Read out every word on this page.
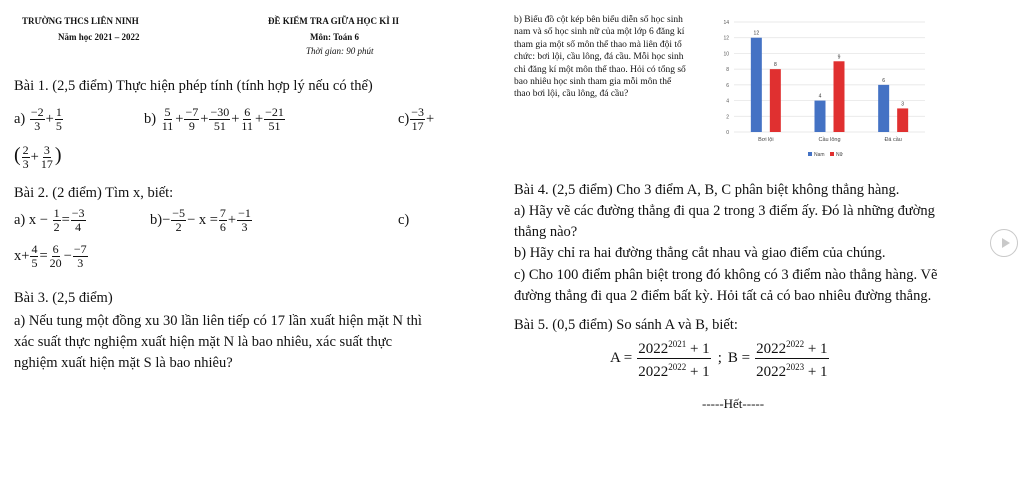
TRƯỜNG THCS LIÊN NINH
Năm học 2021 – 2022
ĐỀ KIỂM TRA GIỮA HỌC KÌ II
Môn: Toán 6
Thời gian: 90 phút
Bài 1. (2,5 điểm) Thực hiện phép tính (tính hợp lý nếu có thể)
$a) \frac{-2}{3} + \frac{1}{5}$	$b) \frac{5}{11} + \frac{-7}{9} + \frac{-30}{51} + \frac{6}{11} + \frac{-21}{51}$	$c) \frac{-3}{17}$ +
( $\frac{2}{3} + \frac{3}{17}$ )
Bài 2. (2 điểm) Tìm x, biết:
a) $x - \frac{1}{2} = \frac{-3}{4}$	$b)- \frac{-5}{2} - x = \frac{7}{6} + \frac{-1}{3}$	c)
$x+ \frac{4}{5} = \frac{6}{20} - \frac{-7}{3}$
Bài 3. (2,5 điểm)
a) Nếu tung một đồng xu 30 lần liên tiếp có 17 lần xuất hiện mặt N thì
xác suất thực nghiệm xuất hiện mặt N là bao nhiêu, xác suất thực
nghiệm xuất hiện mặt S là bao nhiêu?
b) Biểu đồ cột kép bên biểu diễn số học sinh
nam và số học sinh nữ của một lớp 6 đăng kí
tham gia một số môn thể thao mà liên đội tổ
chức: bơi lội, cầu lông, đá cầu. Mỗi học sinh
chỉ đăng kí một môn thể thao. Hỏi có tổng số
bao nhiêu học sinh tham gia mỗi môn thể
thao bơi lội, cầu lông, đá cầu?
0
2
4
6
8
10
12
14
12
8
Bơi lội
4
9
Cầu lông
6
3
Đá cầu
Nam Nữ
Bài 4. (2,5 điểm) Cho 3 điểm A, B, C phân biệt không thẳng hàng.
a) Hãy vẽ các đường thẳng đi qua 2 trong 3 điểm ấy. Đó là những đường
thẳng nào?
b) Hãy chỉ ra hai đường thẳng cắt nhau và giao điểm của chúng.
c) Cho 100 điểm phân biệt trong đó không có 3 điểm nào thẳng hàng. Vẽ
đường thẳng đi qua 2 điểm bất kỳ. Hỏi tất cả có bao nhiêu đường thẳng.
Bài 5. (0,5 điểm) So sánh A và B, biết:
$A = \frac{2022^{2021} + 1}{2022^{2022} + 1}$ ; $B = \frac{2022^{2022} + 1}{2022^{2023} + 1}$
-----Hết-----
